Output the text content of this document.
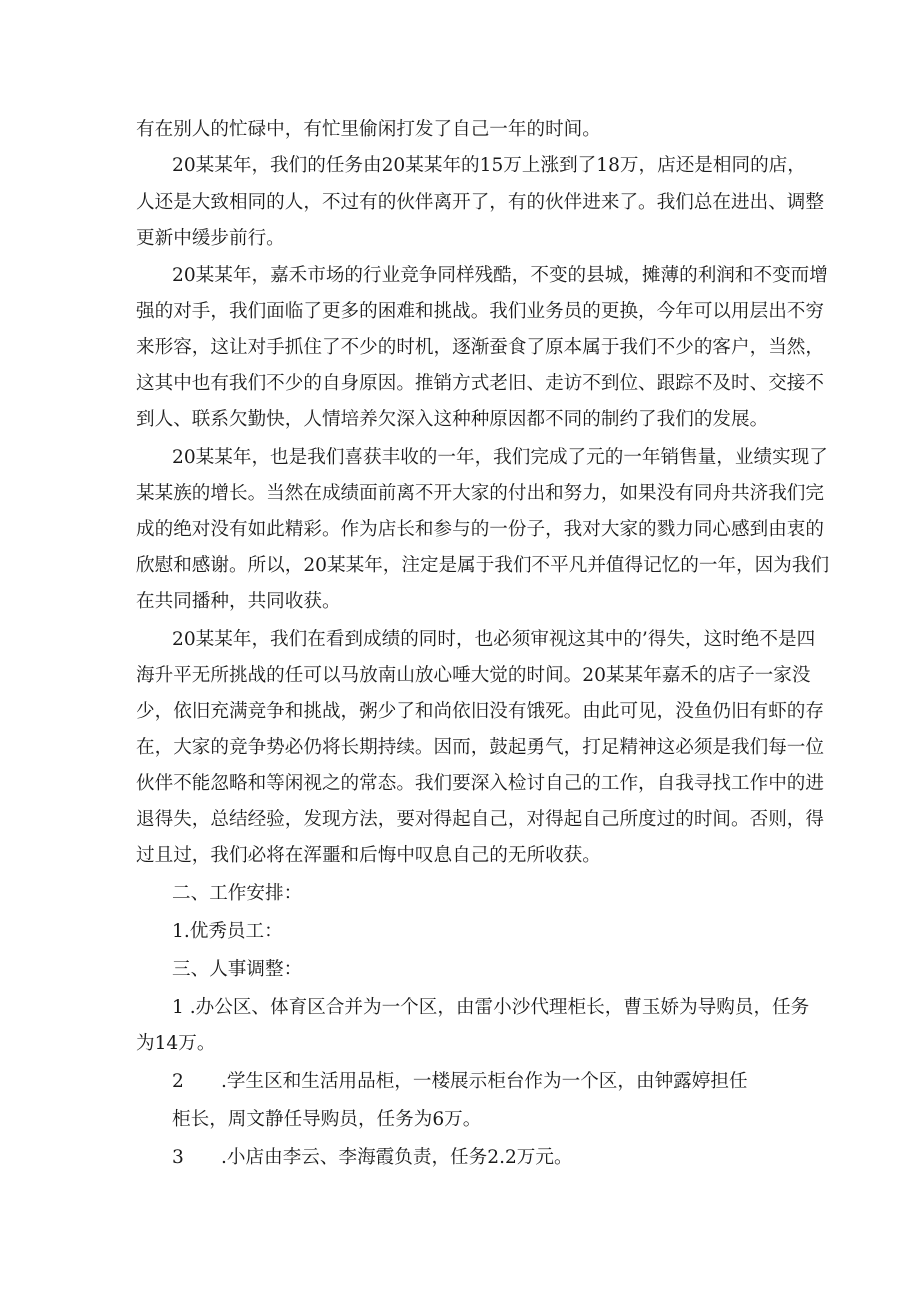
有在别人的忙碌中，有忙里偷闲打发了自己一年的时间。
20某某年，我们的任务由20某某年的15万上涨到了18万，店还是相同的店，
人还是大致相同的人，不过有的伙伴离开了，有的伙伴进来了。我们总在进出、调整
更新中缓步前行。
20某某年，嘉禾市场的行业竞争同样残酷，不变的县城，摊薄的利润和不变而增
强的对手，我们面临了更多的困难和挑战。我们业务员的更换，今年可以用层出不穷
来形容，这让对手抓住了不少的时机，逐渐蚕食了原本属于我们不少的客户，当然，
这其中也有我们不少的自身原因。推销方式老旧、走访不到位、跟踪不及时、交接不
到人、联系欠勤快，人情培养欠深入这种种原因都不同的制约了我们的发展。
20某某年，也是我们喜获丰收的一年，我们完成了元的一年销售量，业绩实现了
某某族的增长。当然在成绩面前离不开大家的付出和努力，如果没有同舟共济我们完
成的绝对没有如此精彩。作为店长和参与的一份子，我对大家的戮力同心感到由衷的
欣慰和感谢。所以，20某某年，注定是属于我们不平凡并值得记忆的一年，因为我们
在共同播种，共同收获。
20某某年，我们在看到成绩的同时，也必须审视这其中的’得失，这时绝不是四
海升平无所挑战的任可以马放南山放心唾大觉的时间。20某某年嘉禾的店子一家没
少，依旧充满竞争和挑战，粥少了和尚依旧没有饿死。由此可见，没鱼仍旧有虾的存
在，大家的竞争势必仍将长期持续。因而，鼓起勇气，打足精神这必须是我们每一位
伙伴不能忽略和等闲视之的常态。我们要深入检讨自己的工作，自我寻找工作中的进
退得失，总结经验，发现方法，要对得起自己，对得起自己所度过的时间。否则，得
过且过，我们必将在浑噩和后悔中叹息自己的无所收获。
二、工作安排：
1.优秀员工：
三、人事调整：
1 .办公区、体育区合并为一个区，由雷小沙代理柜长，曹玉娇为导购员，任务
为14万。
2　　.学生区和生活用品柜，一楼展示柜台作为一个区，由钟露婷担任
柜长，周文静任导购员，任务为6万。
3　　.小店由李云、李海霞负责，任务2.2万元。
